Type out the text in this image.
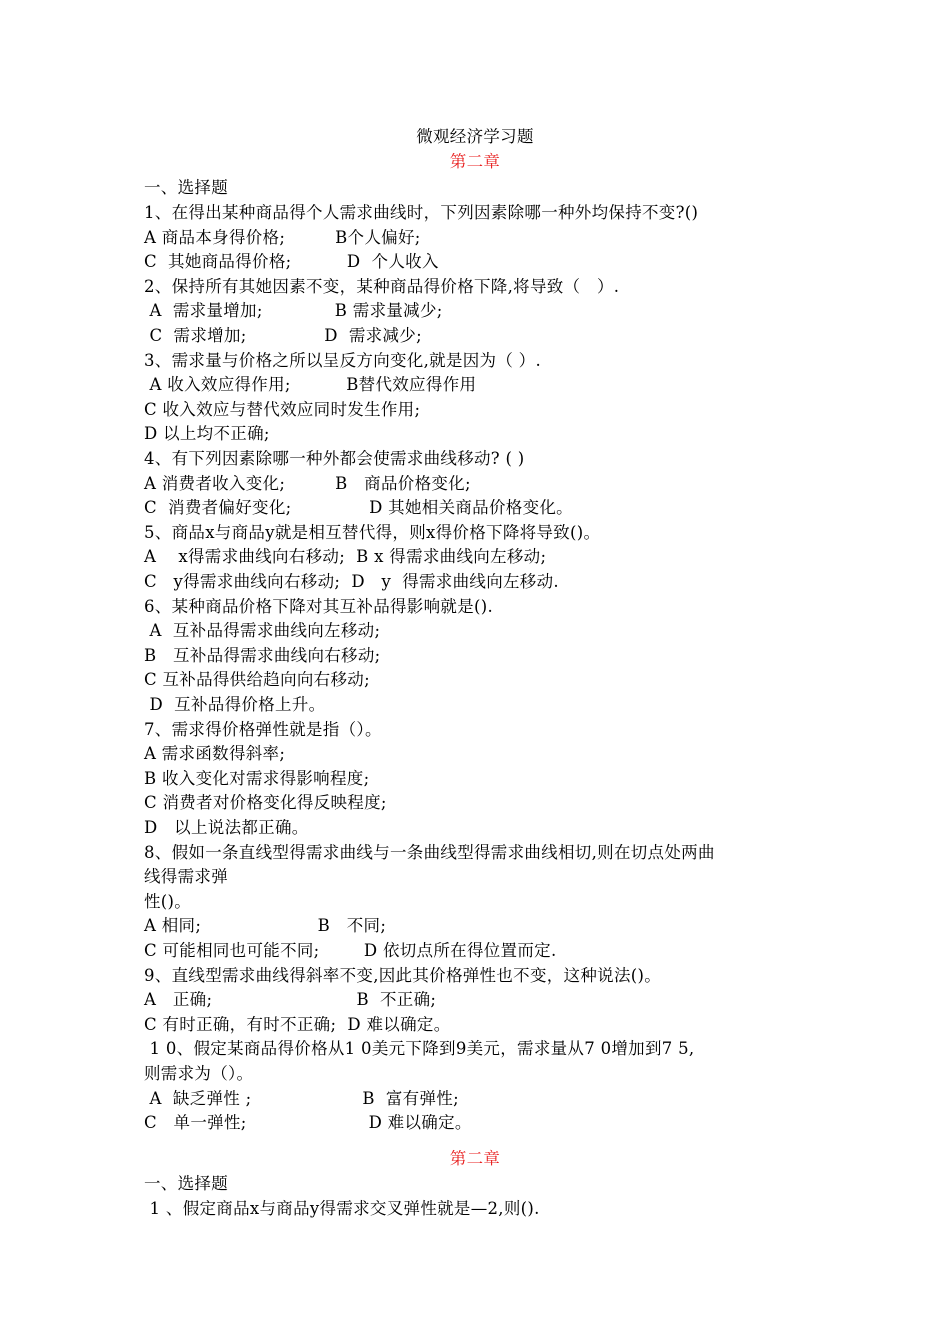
微观经济学习题
第二章
一、选择题
1、在得出某种商品得个人需求曲线时，下列因素除哪一种外均保持不变?()
A 商品本身得价格;         B个人偏好;
C  其她商品得价格;          D  个人收入
2、保持所有其她因素不变，某种商品得价格下降,将导致（   ）.
A  需求量增加;             B 需求量减少;
C  需求增加;              D  需求减少;
3、需求量与价格之所以呈反方向变化,就是因为（ ）.
A 收入效应得作用;          B替代效应得作用
C 收入效应与替代效应同时发生作用;
D 以上均不正确;
4、有下列因素除哪一种外都会使需求曲线移动? ( )
A 消费者收入变化;         B   商品价格变化;
C  消费者偏好变化;              D 其她相关商品价格变化。
5、商品x与商品y就是相互替代得，则x得价格下降将导致()。
A    x得需求曲线向右移动;  B x 得需求曲线向左移动;
C   y得需求曲线向右移动;  D   y  得需求曲线向左移动.
6、某种商品价格下降对其互补品得影响就是().
A  互补品得需求曲线向左移动;
B   互补品得需求曲线向右移动;
C 互补品得供给趋向向右移动;
D  互补品得价格上升。
7、需求得价格弹性就是指（）。
A 需求函数得斜率;
B 收入变化对需求得影响程度;
C 消费者对价格变化得反映程度;
D   以上说法都正确。
8、假如一条直线型得需求曲线与一条曲线型得需求曲线相切,则在切点处两曲
线得需求弹
性()。
A 相同;                     B   不同;
C 可能相同也可能不同;        D 依切点所在得位置而定.
9、直线型需求曲线得斜率不变,因此其价格弹性也不变，这种说法()。
A   正确;                          B  不正确;
C 有时正确，有时不正确;  D 难以确定。
1 0、假定某商品得价格从1 0美元下降到9美元，需求量从7 0增加到7 5,
则需求为（）。
A  缺乏弹性 ;                    B  富有弹性;
C   单一弹性;                      D 难以确定。
第二章
一、选择题
1 、假定商品x与商品y得需求交叉弹性就是—2,则().
